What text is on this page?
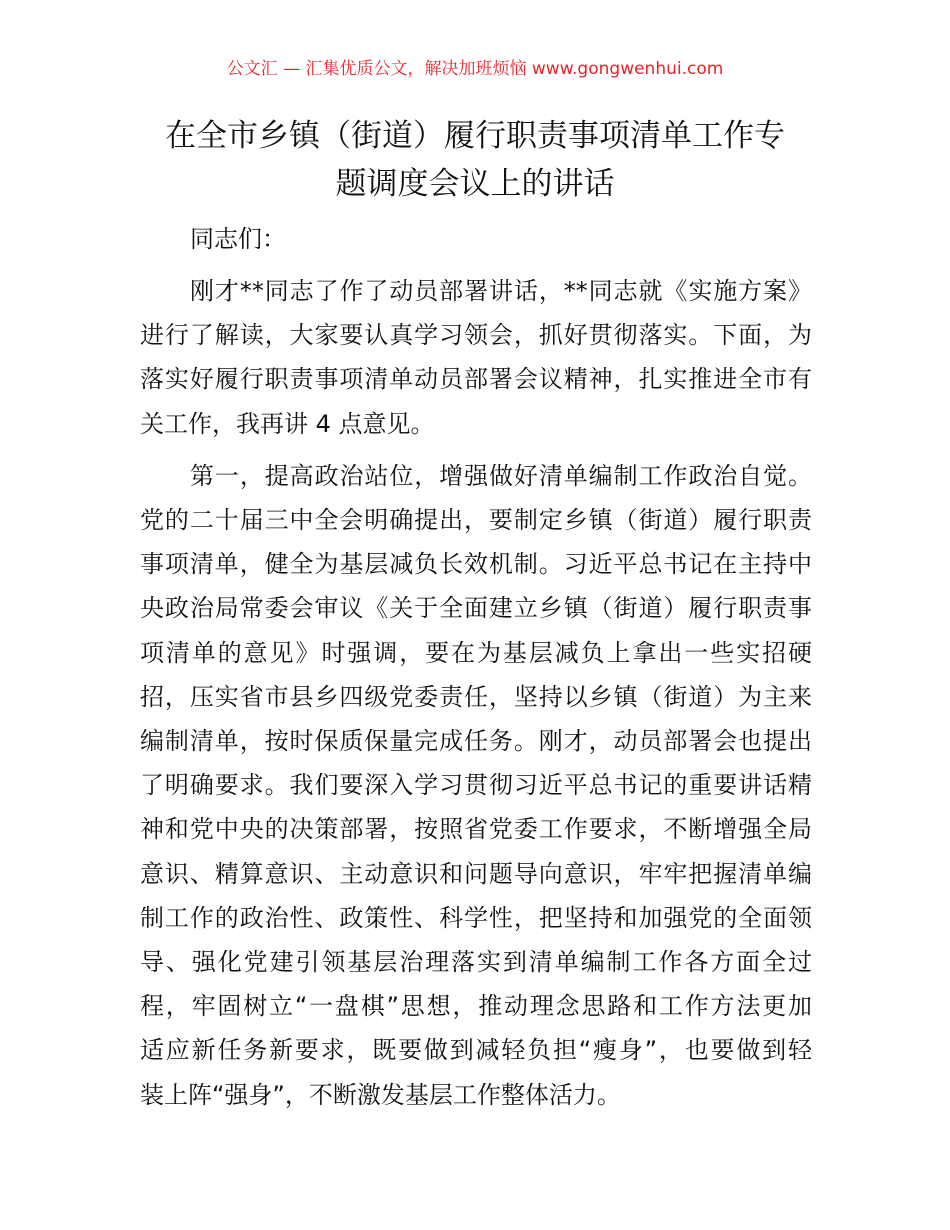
公文汇 — 汇集优质公文，解决加班烦恼 www.gongwenhui.com
在全市乡镇（街道）履行职责事项清单工作专
题调度会议上的讲话

同志们：

刚才**同志了作了动员部署讲话，**同志就《实施方案》
进行了解读，大家要认真学习领会，抓好贯彻落实。下面，为
落实好履行职责事项清单动员部署会议精神，扎实推进全市有
关工作，我再讲 4 点意见。

第一，提高政治站位，增强做好清单编制工作政治自觉。
党的二十届三中全会明确提出，要制定乡镇（街道）履行职责
事项清单，健全为基层减负长效机制。习近平总书记在主持中
央政治局常委会审议《关于全面建立乡镇（街道）履行职责事
项清单的意见》时强调，要在为基层减负上拿出一些实招硬
招，压实省市县乡四级党委责任，坚持以乡镇（街道）为主来
编制清单，按时保质保量完成任务。刚才，动员部署会也提出
了明确要求。我们要深入学习贯彻习近平总书记的重要讲话精
神和党中央的决策部署，按照省党委工作要求，不断增强全局
意识、精算意识、主动意识和问题导向意识，牢牢把握清单编
制工作的政治性、政策性、科学性，把坚持和加强党的全面领
导、强化党建引领基层治理落实到清单编制工作各方面全过
程，牢固树立“一盘棋”思想，推动理念思路和工作方法更加
适应新任务新要求，既要做到减轻负担“瘦身”，也要做到轻
装上阵“强身”，不断激发基层工作整体活力。
